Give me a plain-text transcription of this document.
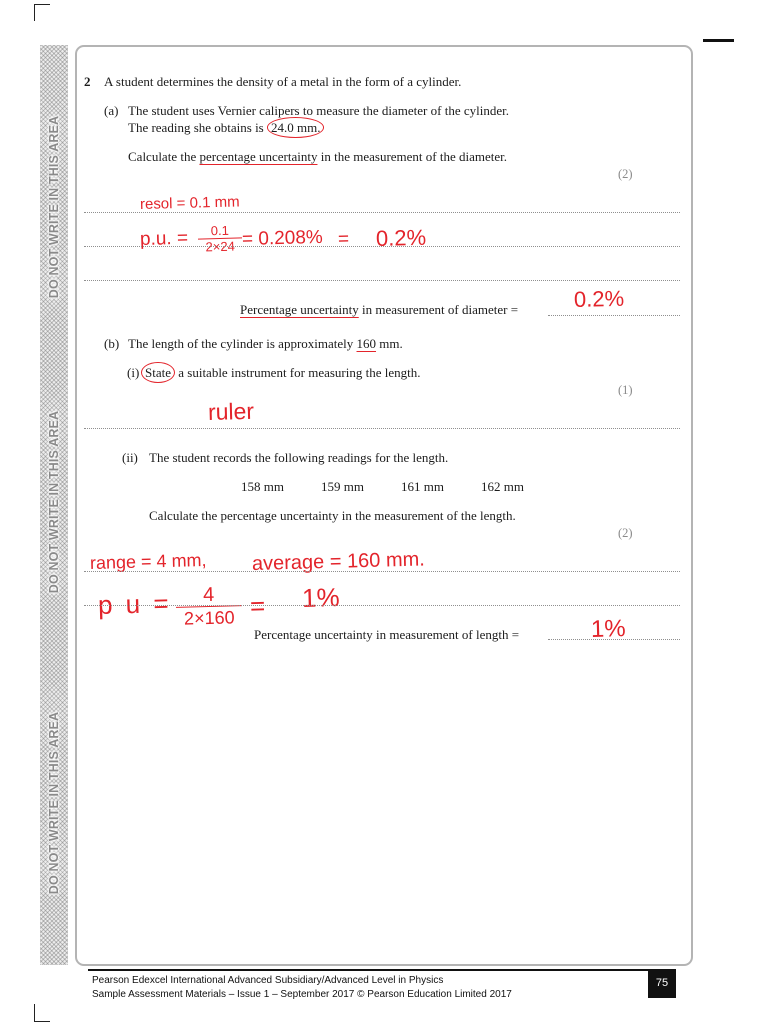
DO NOT WRITE IN THIS AREA
DO NOT WRITE IN THIS AREA
DO NOT WRITE IN THIS AREA
2 A student determines the density of a metal in the form of a cylinder.
(a) The student uses Vernier calipers to measure the diameter of the cylinder.
The reading she obtains is 24.0 mm.
Calculate the percentage uncertainty in the measurement of the diameter.
(2)
resol = 0.1 mm
p.u. = $\frac{0.1}{2\times 24} = 0.208\% = 0.2\%$
Percentage uncertainty in measurement of diameter =	0.2%
(b) The length of the cylinder is approximately 160 mm.
(i) State a suitable instrument for measuring the length.
(1)
ruler
(ii) The student records the following readings for the length.
158 mm	159 mm	161 mm	162 mm
Calculate the percentage uncertainty in the measurement of the length.
(2)
range = 4 mm, average = 160 mm.
p $u = \frac{4}{2\times 160} = 1\%$
Percentage uncertainty in measurement of length =	1%
Pearson Edexcel International Advanced Subsidiary/Advanced Level in Physics
Sample Assessment Materials – Issue 1 – September 2017 © Pearson Education Limited 2017
75
